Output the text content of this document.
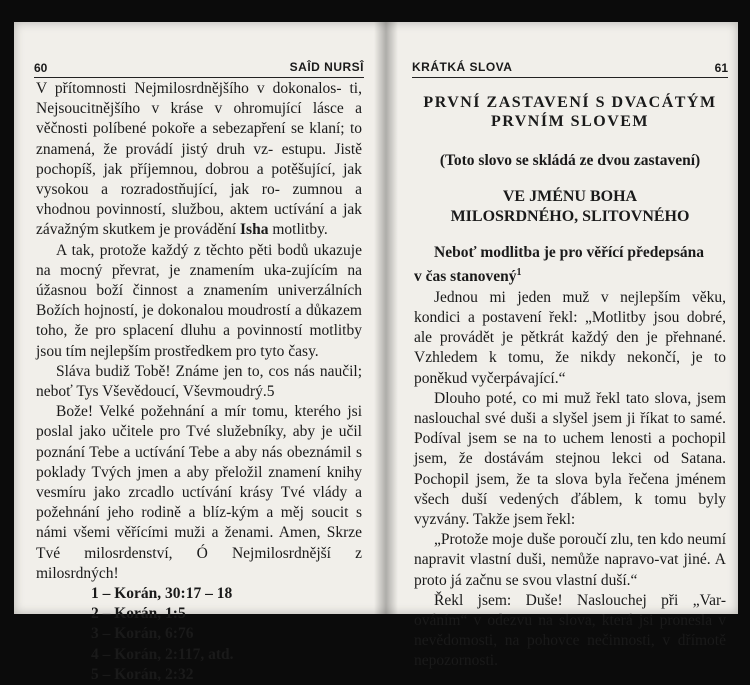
60	SAÎD NURSÎ

V přítomnosti Nejmilosrdnějšího v dokonalos- ti, Nejsoucitnějšího v kráse v ohromující lásce a věčnosti políbené pokoře a sebezapření se klaní; to znamená, že provádí jistý druh vz- estupu. Jistě pochopíš, jak příjemnou, dobrou a potěšující, jak vysokou a rozradostňující, jak ro- zumnou a vhodnou povinností, službou, aktem uctívání a jak závažným skutkem je provádění Isha motlitby.

A tak, protože každý z těchto pěti bodů ukazuje na mocný převrat, je znamením uka-zujícím na úžasnou boží činnost a znamením univerzálních Božích hojností, je dokonalou moudrostí a důkazem toho, že pro splacení dluhu a povinností motlitby jsou tím nejlepším prostředkem pro tyto časy.

Sláva budiž Tobě! Známe jen to, cos nás naučil; neboť Tys Vševědoucí, Vševmoudrý.5

Bože! Velké požehnání a mír tomu, kterého jsi poslal jako učitele pro Tvé služebníky, aby je učil poznání Tebe a uctívání Tebe a aby nás obeznámil s poklady Tvých jmen a aby přeložil znamení knihy vesmíru jako zrcadlo uctívání krásy Tvé vlády a požehnání jeho rodině a blíz-kým a měj soucit s námi všemi věřícími muži a ženami. Amen, Skrze Tvé milosrdenství, Ó Nejmilosrdnější z milosrdných!

1 – Korán, 30:17 – 18
2 – Korán, 1:5
3 – Korán, 6:76
4 – Korán, 2:117, atd.
5 – Korán, 2:32
KRÁTKÁ SLOVA	61
PRVNÍ ZASTAVENÍ S DVACÁTÝM
PRVNÍM SLOVEM
(Toto slovo se skládá ze dvou zastavení)
VE JMÉNU BOHA
MILOSRDNÉHO, SLITOVNÉHO
Neboť modlitba je pro věřící předepsána
v čas stanovený$^1$

Jednou mi jeden muž v nejlepším věku, kondici a postavení řekl: „Motlitby jsou dobré, ale provádět je pětkrát každý den je přehnané. Vzhledem k tomu, že nikdy nekončí, je to poněkud vyčerpávající.“

Dlouho poté, co mi muž řekl tato slova, jsem naslouchal své duši a slyšel jsem ji říkat to samé. Podíval jsem se na to uchem lenosti a pochopil jsem, že dostávám stejnou lekci od Satana. Pochopil jsem, že ta slova byla řečena jménem všech duší vedených ďáblem, k tomu byly vyzvány. Takže jsem řekl:

„Protože moje duše poroučí zlu, ten kdo neumí napravit vlastní duši, nemůže napravo-vat jiné. A proto já začnu se svou vlastní duší.“

Řekl jsem: Duše! Naslouchej při „Var-ováním“ v odezvu na slova, která jsi pronesla v nevědomosti, na pohovce nečinnosti, v dřímotě nepozornosti.
